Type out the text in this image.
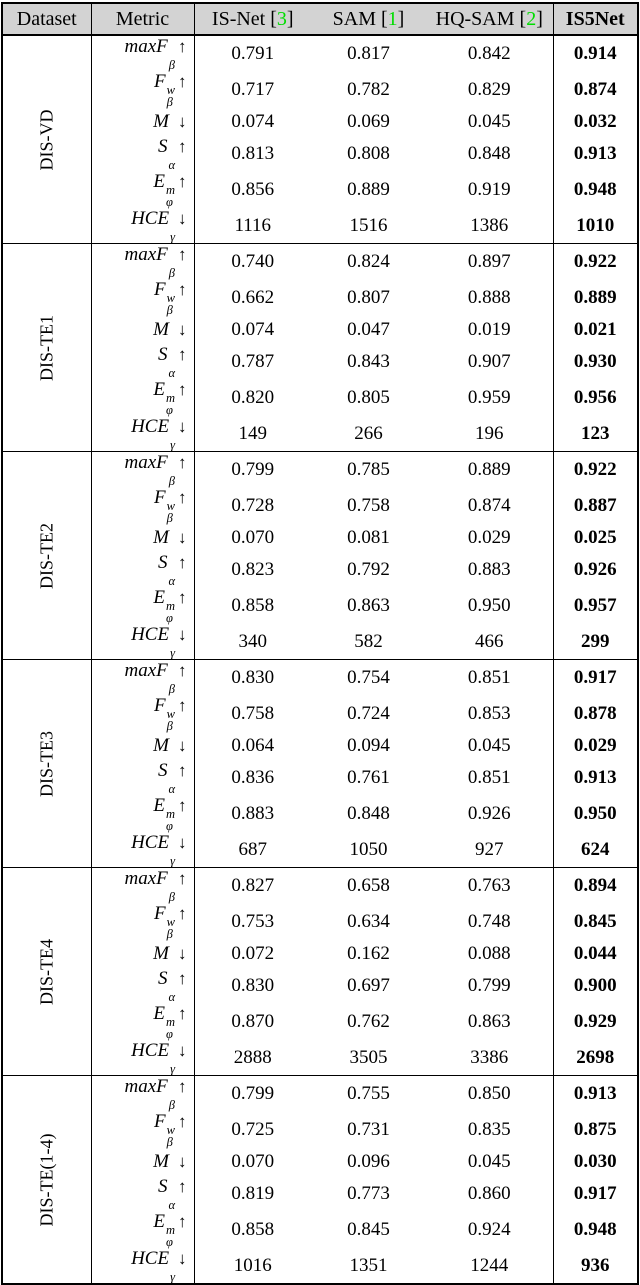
Dataset	Metric	IS-Net [3]	SAM [1]	HQ-SAM [2]	IS5Net

DIS-VD	maxF
β
↑	0.791	0.817	0.842	0.914
	F w
β
↑	0.717	0.782	0.829	0.874
	M ↓	0.074	0.069	0.045	0.032
	S
α
↑	0.813	0.808	0.848	0.913
	E m
φ
↑	0.856	0.889	0.919	0.948
	HCE
γ
↓	1116	1516	1386	1010

DIS-TE1	maxF
β
↑	0.740	0.824	0.897	0.922
	F w
β
↑	0.662	0.807	0.888	0.889
	M ↓	0.074	0.047	0.019	0.021
	S
α
↑	0.787	0.843	0.907	0.930
	E m
φ
↑	0.820	0.805	0.959	0.956
	HCE
γ
↓	149	266	196	123

DIS-TE2	maxF
β
↑	0.799	0.785	0.889	0.922
	F w
β
↑	0.728	0.758	0.874	0.887
	M ↓	0.070	0.081	0.029	0.025
	S
α
↑	0.823	0.792	0.883	0.926
	E m
φ
↑	0.858	0.863	0.950	0.957
	HCE
γ
↓	340	582	466	299

DIS-TE3	maxF
β
↑	0.830	0.754	0.851	0.917
	F w
β
↑	0.758	0.724	0.853	0.878
	M ↓	0.064	0.094	0.045	0.029
	S
α
↑	0.836	0.761	0.851	0.913
	E m
φ
↑	0.883	0.848	0.926	0.950
	HCE
γ
↓	687	1050	927	624

DIS-TE4	maxF
β
↑	0.827	0.658	0.763	0.894
	F w
β
↑	0.753	0.634	0.748	0.845
	M ↓	0.072	0.162	0.088	0.044
	S
α
↑	0.830	0.697	0.799	0.900
	E m
φ
↑	0.870	0.762	0.863	0.929
	HCE
γ
↓	2888	3505	3386	2698

DIS-TE(1-4)	maxF
β
↑	0.799	0.755	0.850	0.913
	F w
β
↑	0.725	0.731	0.835	0.875
	M ↓	0.070	0.096	0.045	0.030
	S
α
↑	0.819	0.773	0.860	0.917
	E m
φ
↑	0.858	0.845	0.924	0.948
	HCE
γ
↓	1016	1351	1244	936
